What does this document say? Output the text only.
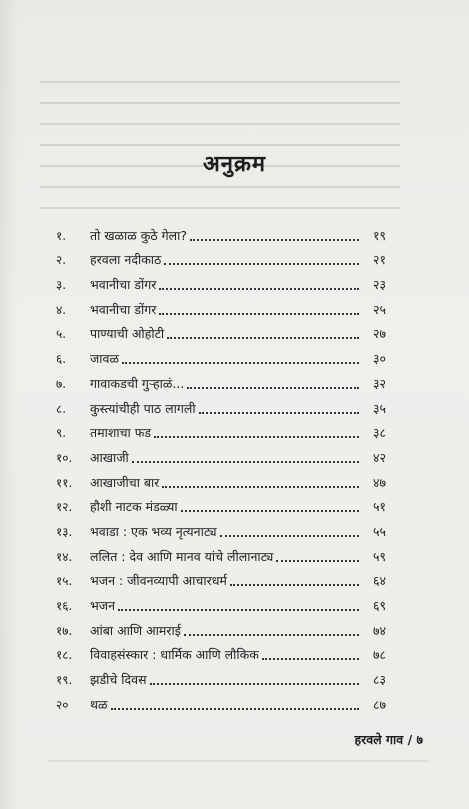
अनुक्रम
१.	तो खळाळ कुठे गेला?	१९
२.	हरवला नदीकाठ	२१
३.	भवानीचा डोंगर	२३
४.	भवानीचा डोंगर	२५
५.	पाण्याची ओहोटी	२७
६.	जावळ	३०
७.	गावाकडची गुऱ्हाळं...	३२
८.	कुस्त्यांचीही पाठ लागली	३५
९.	तमाशाचा फड	३८
१०.	आखाजी	४२
११.	आखाजीचा बार	४७
१२.	हौशी नाटक मंडळ्या	५१
१३.	भवाडा : एक भव्य नृत्यनाट्य	५५
१४.	ललित : देव आणि मानव यांचे लीलानाट्य	५९
१५.	भजन : जीवनव्यापी आचारधर्म	६४
१६.	भजन	६९
१७.	आंबा आणि आमराई	७४
१८.	विवाहसंस्कार : धार्मिक आणि लौकिक	७८
१९.	झडीचे दिवस	८३
२०	थळ	८७
हरवले गाव / ७
